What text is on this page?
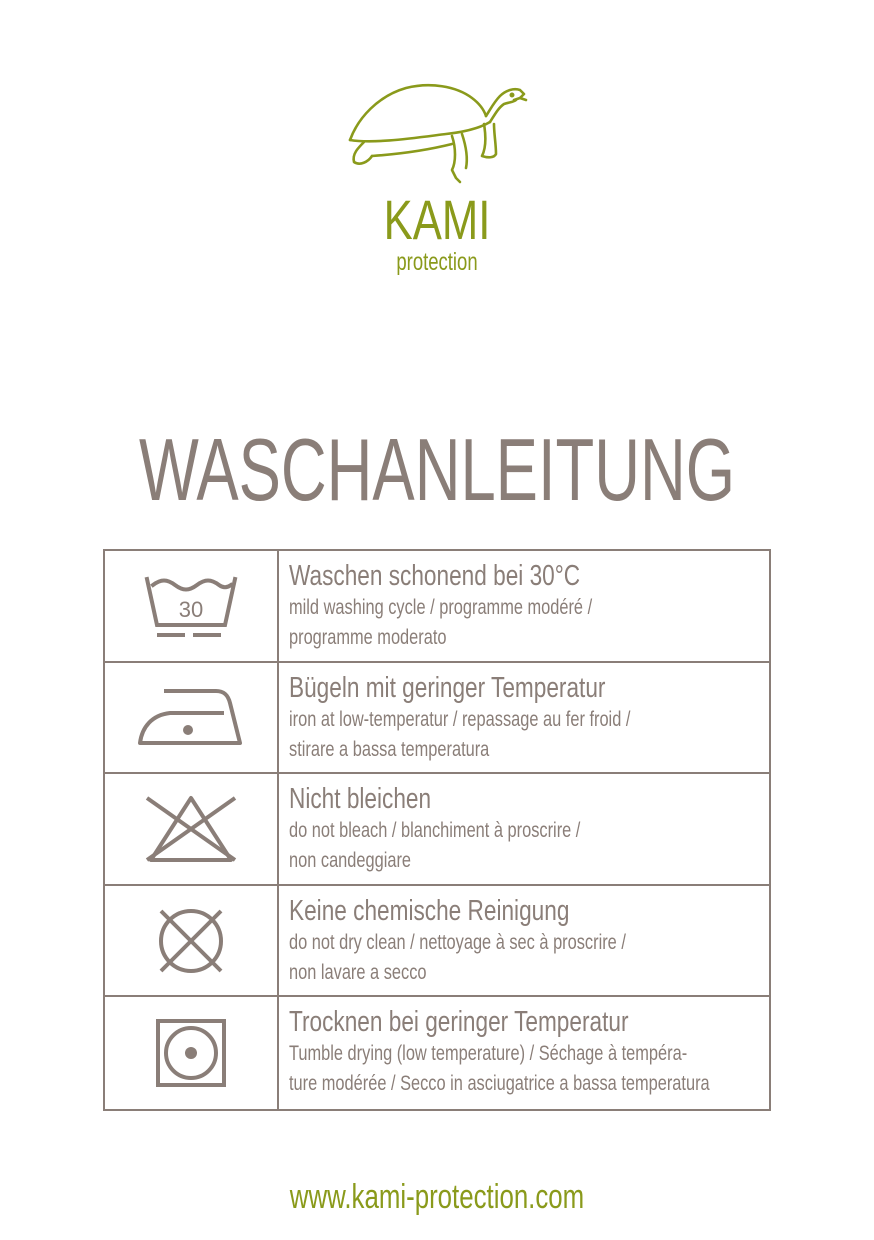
KAMI
protection
WASCHANLEITUNG
30
Waschen schonend bei 30°C
mild washing cycle / programme modéré /
programme moderato
Bügeln mit geringer Temperatur
iron at low-temperatur / repassage au fer froid /
stirare a bassa temperatura
Nicht bleichen
do not bleach / blanchiment à proscrire /
non candeggiare
Keine chemische Reinigung
do not dry clean / nettoyage à sec à proscrire /
non lavare a secco
Trocknen bei geringer Temperatur
Tumble drying (low temperature) / Séchage à tempéra-
ture modérée / Secco in asciugatrice a bassa temperatura
www.kami-protection.com
